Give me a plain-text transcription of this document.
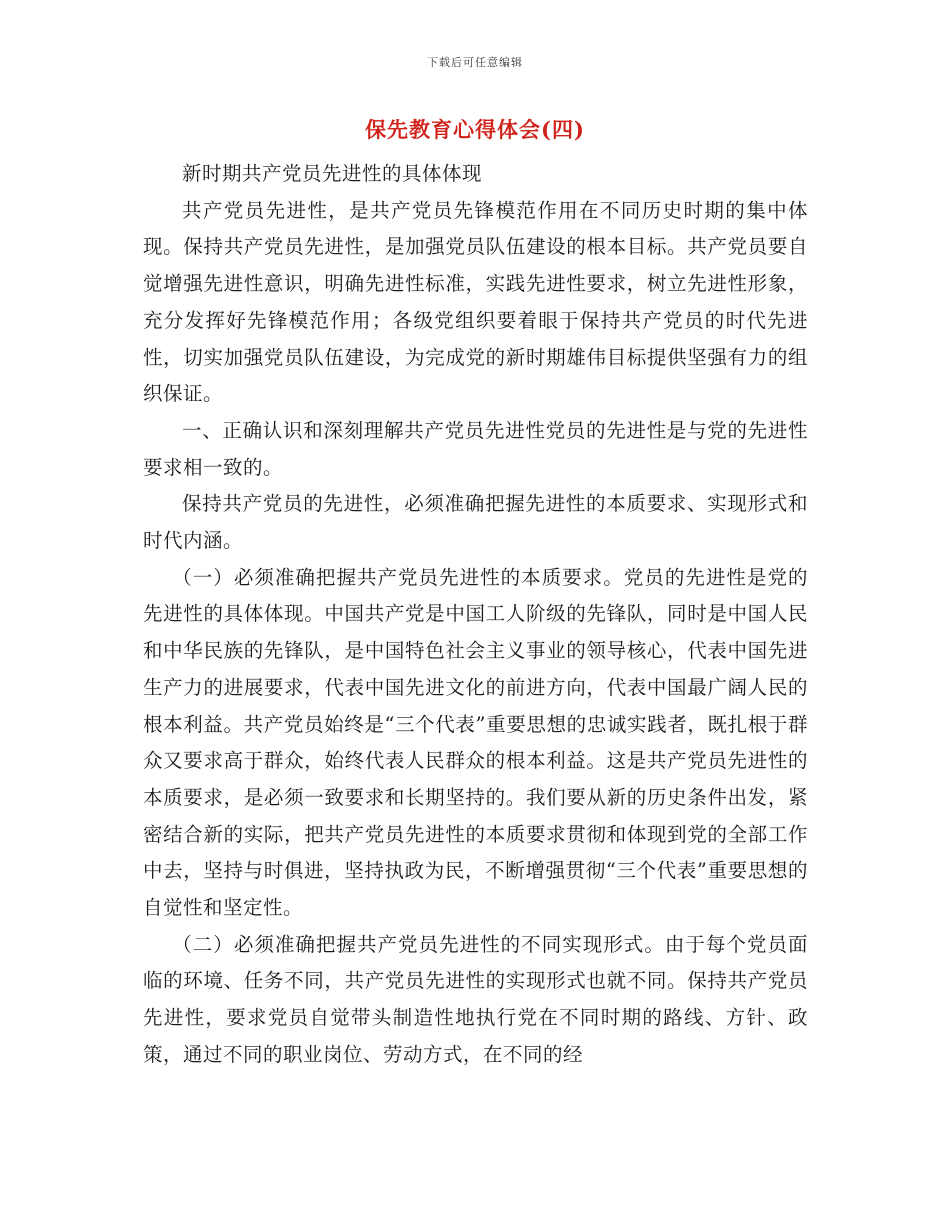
下载后可任意编辑
保先教育心得体会(四)

新时期共产党员先进性的具体体现

共产党员先进性，是共产党员先锋模范作用在不同历史时期的集中体现。保持共产党员先进性，是加强党员队伍建设的根本目标。共产党员要自觉增强先进性意识，明确先进性标准，实践先进性要求，树立先进性形象，充分发挥好先锋模范作用；各级党组织要着眼于保持共产党员的时代先进性，切实加强党员队伍建设，为完成党的新时期雄伟目标提供坚强有力的组织保证。

一、正确认识和深刻理解共产党员先进性党员的先进性是与党的先进性要求相一致的。

保持共产党员的先进性，必须准确把握先进性的本质要求、实现形式和时代内涵。

（一）必须准确把握共产党员先进性的本质要求。党员的先进性是党的先进性的具体体现。中国共产党是中国工人阶级的先锋队，同时是中国人民和中华民族的先锋队，是中国特色社会主义事业的领导核心，代表中国先进生产力的进展要求，代表中国先进文化的前进方向，代表中国最广阔人民的根本利益。共产党员始终是“三个代表”重要思想的忠诚实践者，既扎根于群众又要求高于群众，始终代表人民群众的根本利益。这是共产党员先进性的本质要求，是必须一致要求和长期坚持的。我们要从新的历史条件出发，紧密结合新的实际，把共产党员先进性的本质要求贯彻和体现到党的全部工作中去，坚持与时俱进，坚持执政为民，不断增强贯彻“三个代表”重要思想的自觉性和坚定性。

（二）必须准确把握共产党员先进性的不同实现形式。由于每个党员面临的环境、任务不同，共产党员先进性的实现形式也就不同。保持共产党员先进性，要求党员自觉带头制造性地执行党在不同时期的路线、方针、政策，通过不同的职业岗位、劳动方式，在不同的经
